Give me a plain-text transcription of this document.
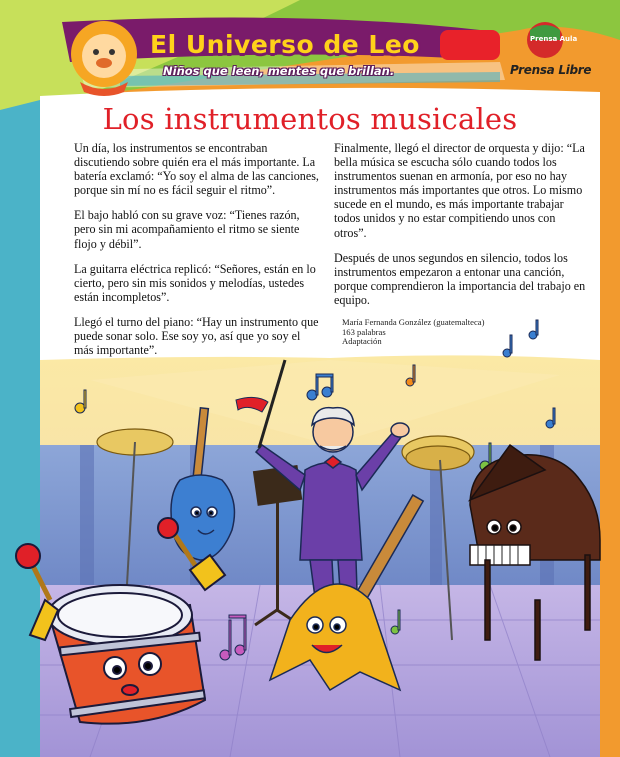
El Universo de Leo
Niños que leen, mentes que brillan.	Prensa Libre
Prensa Aula
Los instrumentos musicales

Un día, los instrumentos se encontraban discutiendo sobre quién era el más importante. La batería exclamó: “Yo soy el alma de las canciones, porque sin mí no es fácil seguir el ritmo”.

El bajo habló con su grave voz: “Tienes razón, pero sin mi acompañamiento el ritmo se siente flojo y débil”.

La guitarra eléctrica replicó: “Señores, están en lo cierto, pero sin mis sonidos y melodías, ustedes están incompletos”.

Llegó el turno del piano: “Hay un instrumento que puede sonar solo. Ese soy yo, así que yo soy el más importante”.

Finalmente, llegó el director de orquesta y dijo: “La bella música se escucha sólo cuando todos los instrumentos suenan en armonía, por eso no hay instrumentos más importantes que otros. Lo mismo sucede en el mundo, es más importante trabajar todos unidos y no estar compitiendo unos con otros”.

Después de unos segundos en silencio, todos los instrumentos empezaron a entonar una canción, porque comprendieron la importancia del trabajo en equipo.

María Fernanda González (guatemalteca)
163 palabras
Adaptación
